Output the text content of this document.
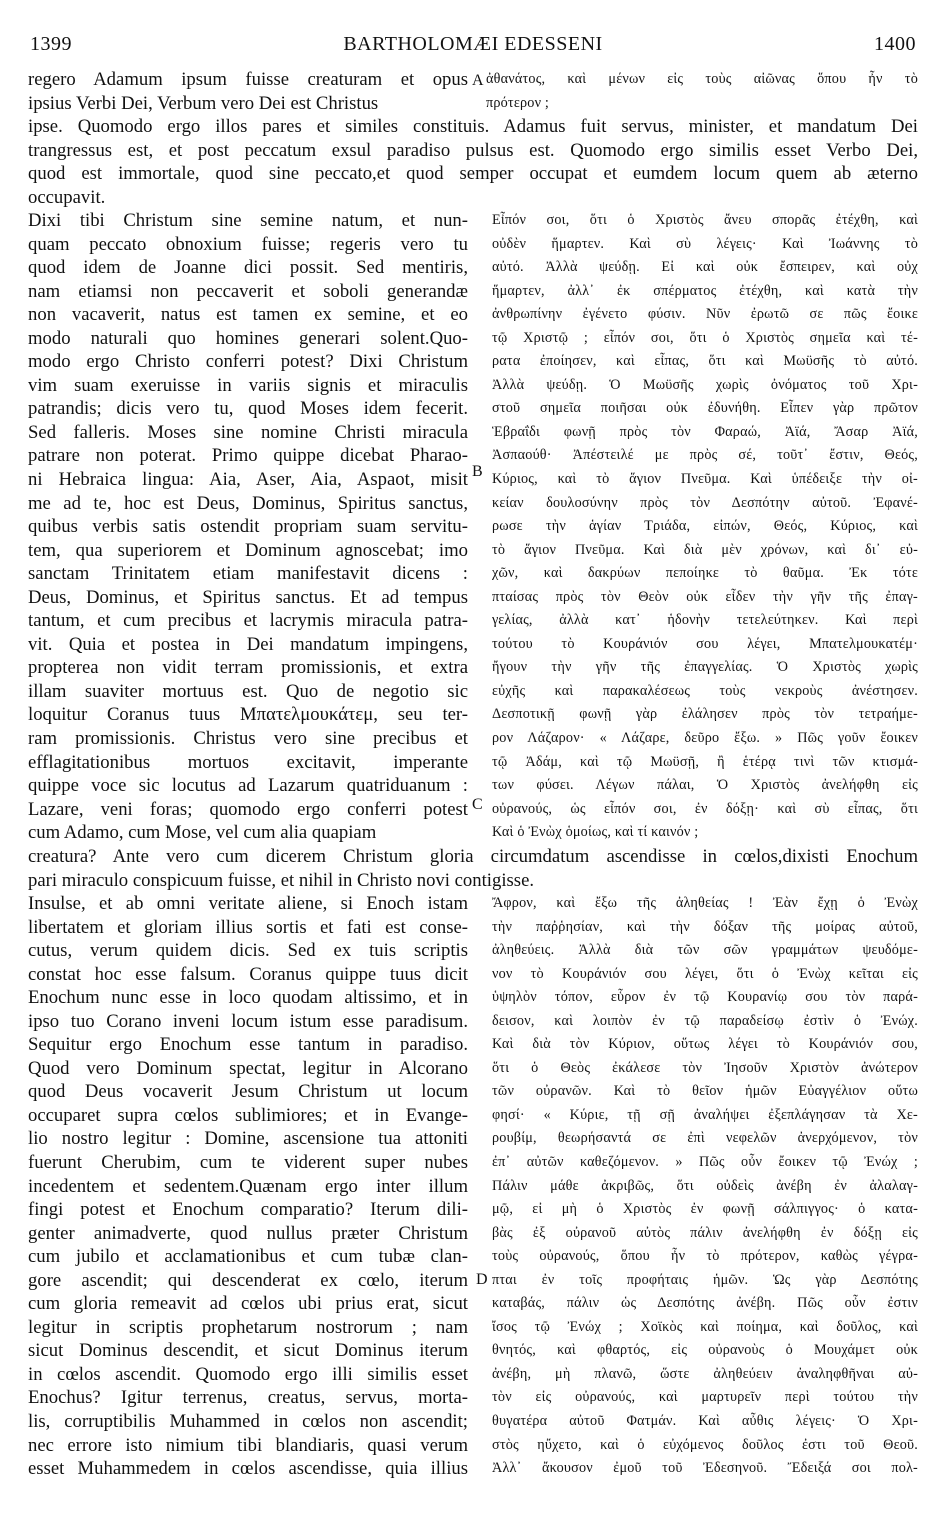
1399	BARTHOLOMÆI EDESSENI	1400
regero Adamum ipsum fuisse creaturam et opus
ipsius Verbi Dei, Verbum vero Dei est Christus
ἀθανάτος, καὶ μένων εἰς τοὺς αἰῶνας ὅπου ἦν τὸ
πρότερον ;
ipse. Quomodo ergo illos pares et similes constituis. Adamus fuit servus, minister, et mandatum Dei
trangressus est, et post peccatum exsul paradiso pulsus est. Quomodo ergo similis esset Verbo Dei,
quod est immortale, quod sine peccato,et quod semper occupat et eumdem locum quem ab æterno
occupavit.
Dixi tibi Christum sine semine natum, et nun-
quam peccato obnoxium fuisse; regeris vero tu
quod idem de Joanne dici possit. Sed mentiris,
nam etiamsi non peccaverit et soboli generandæ
non vacaverit, natus est tamen ex semine, et eo
modo naturali quo homines generari solent.Quo-
modo ergo Christo conferri potest? Dixi Christum
vim suam exeruisse in variis signis et miraculis
patrandis; dicis vero tu, quod Moses idem fecerit.
Sed falleris. Moses sine nomine Christi miracula
patrare non poterat. Primo quippe dicebat Pharao-
ni Hebraica lingua: Aia, Aser, Aia, Aspaot, misit
me ad te, hoc est Deus, Dominus, Spiritus sanctus,
quibus verbis satis ostendit propriam suam servitu-
tem, qua superiorem et Dominum agnoscebat; imo
sanctam Trinitatem etiam manifestavit dicens :
Deus, Dominus, et Spiritus sanctus. Et ad tempus
tantum, et cum precibus et lacrymis miracula patra-
vit. Quia et postea in Dei mandatum impingens,
propterea non vidit terram promissionis, et extra
illam suaviter mortuus est. Quo de negotio sic
loquitur Coranus tuus Μπατελμουκάτεμ, seu ter-
ram promissionis. Christus vero sine precibus et
efflagitationibus mortuos excitavit, imperante
quippe voce sic locutus ad Lazarum quatriduanum :
Lazare, veni foras; quomodo ergo conferri potest
cum Adamo, cum Mose, vel cum alia quapiam
Εἶπόν σοι, ὅτι ὁ Χριστὸς ἄνευ σπορᾶς ἐτέχθη, καὶ
οὐδὲν ἥμαρτεν. Καὶ σὺ λέγεις· Καὶ Ἰωάννης τὸ
αὐτό. Ἀλλὰ ψεύδῃ. Εἰ καὶ οὐκ ἔσπειρεν, καὶ οὐχ
ἥμαρτεν, ἀλλ᾽ ἐκ σπέρματος ἐτέχθη, καὶ κατὰ τὴν
ἀνθρωπίνην ἐγένετο φύσιν. Νῦν ἐρωτῶ σε πῶς ἔοικε
τῷ Χριστῷ ; εἶπόν σοι, ὅτι ὁ Χριστὸς σημεῖα καὶ τέ-
ρατα ἐποίησεν, καὶ εἶπας, ὅτι καὶ Μωϋσῆς τὸ αὐτό.
Ἀλλὰ ψεύδῃ. Ὁ Μωϋσῆς χωρὶς ὀνόματος τοῦ Χρι-
στοῦ σημεῖα ποιῆσαι οὐκ ἐδυνήθη. Εἶπεν γὰρ πρῶτον
Ἑβραΐδι φωνῇ πρὸς τὸν Φαραώ, Ἀϊά, Ἄσαρ Ἀϊά,
Ἀσπαούθ· Ἀπέστειλέ με πρὸς σέ, τοῦτ᾽ ἔστιν, Θεός,
Κύριος, καὶ τὸ ἅγιον Πνεῦμα. Καὶ ὑπέδειξε τὴν οἰ-
κείαν δουλοσύνην πρὸς τὸν Δεσπότην αὐτοῦ. Ἐφανέ-
ρωσε τὴν ἁγίαν Τριάδα, εἰπών, Θεός, Κύριος, καὶ
τὸ ἅγιον Πνεῦμα. Καὶ διὰ μὲν χρόνων, καὶ δι᾽ εὐ-
χῶν, καὶ δακρύων πεποίηκε τὸ θαῦμα. Ἐκ τότε
πταίσας πρὸς τὸν Θεὸν οὐκ εἶδεν τὴν γῆν τῆς ἐπαγ-
γελίας, ἀλλὰ κατ᾽ ἡδονὴν τετελεύτηκεν. Καὶ περὶ
τούτου τὸ Κουράνιόν σου λέγει, Μπατελμουκατέμ·
ἤγουν τὴν γῆν τῆς ἐπαγγελίας. Ὁ Χριστὸς χωρὶς
εὐχῆς καὶ παρακαλέσεως τοὺς νεκροὺς ἀνέστησεν.
Δεσποτικῇ φωνῇ γὰρ ἐλάλησεν πρὸς τὸν τετραήμε-
ρον Λάζαρον· « Λάζαρε, δεῦρο ἔξω. » Πῶς γοῦν ἔοικεν
τῷ Ἀδάμ, καὶ τῷ Μωϋσῇ, ἢ ἑτέρᾳ τινὶ τῶν κτισμά-
των φύσει. Λέγων πάλαι, Ὁ Χριστὸς ἀνελήφθη εἰς
οὐρανούς, ὡς εἶπόν σοι, ἐν δόξῃ· καὶ σὺ εἶπας, ὅτι
Καὶ ὁ Ἐνὼχ ὁμοίως, καὶ τί καινόν ;
creatura? Ante vero cum dicerem Christum gloria circumdatum ascendisse in cœlos,dixisti Enochum
pari miraculo conspicuum fuisse, et nihil in Christo novi contigisse.
Insulse, et ab omni veritate aliene, si Enoch istam
libertatem et gloriam illius sortis et fati est conse-
cutus, verum quidem dicis. Sed ex tuis scriptis
constat hoc esse falsum. Coranus quippe tuus dicit
Enochum nunc esse in loco quodam altissimo, et in
ipso tuo Corano inveni locum istum esse paradisum.
Sequitur ergo Enochum esse tantum in paradiso.
Quod vero Dominum spectat, legitur in Alcorano
quod Deus vocaverit Jesum Christum ut locum
occuparet supra cœlos sublimiores; et in Evange-
lio nostro legitur : Domine, ascensione tua attoniti
fuerunt Cherubim, cum te viderent super nubes
incedentem et sedentem.Quænam ergo inter illum
fingi potest et Enochum comparatio? Iterum dili-
genter animadverte, quod nullus præter Christum
cum jubilo et acclamationibus et cum tubæ clan-
gore ascendit; qui descenderat ex cœlo, iterum
cum gloria remeavit ad cœlos ubi prius erat, sicut
legitur in scriptis prophetarum nostrorum ; nam
sicut Dominus descendit, et sicut Dominus iterum
in cœlos ascendit. Quomodo ergo illi similis esset
Enochus? Igitur terrenus, creatus, servus, morta-
lis, corruptibilis Muhammed in cœlos non ascendit;
nec errore isto nimium tibi blandiaris, quasi verum
esset Muhammedem in cœlos ascendisse, quia illius
Ἄφρον, καὶ ἔξω τῆς ἀληθείας ! Ἐὰν ἔχῃ ὁ Ἐνὼχ
τὴν παῤῥησίαν, καὶ τὴν δόξαν τῆς μοίρας αὐτοῦ,
ἀληθεύεις. Ἀλλὰ διὰ τῶν σῶν γραμμάτων ψευδόμε-
νον τὸ Κουράνιόν σου λέγει, ὅτι ὁ Ἐνὼχ κεῖται εἰς
ὑψηλὸν τόπον, εὗρον ἐν τῷ Κουρανίῳ σου τὸν παρά-
δεισον, καὶ λοιπὸν ἐν τῷ παραδείσῳ ἐστὶν ὁ Ἐνώχ.
Καὶ διὰ τὸν Κύριον, οὕτως λέγει τὸ Κουράνιόν σου,
ὅτι ὁ Θεὸς ἐκάλεσε τὸν Ἰησοῦν Χριστὸν ἀνώτερον
τῶν οὐρανῶν. Καὶ τὸ θεῖον ἡμῶν Εὐαγγέλιον οὕτω
φησί· « Κύριε, τῇ σῇ ἀναλήψει ἐξεπλάγησαν τὰ Χε-
ρουβίμ, θεωρήσαντά σε ἐπὶ νεφελῶν ἀνερχόμενον, τὸν
ἐπ᾽ αὐτῶν καθεζόμενον. » Πῶς οὖν ἔοικεν τῷ Ἐνώχ ;
Πάλιν μάθε ἀκριβῶς, ὅτι οὐδεὶς ἀνέβη ἐν ἀλαλαγ-
μῷ, εἰ μὴ ὁ Χριστὸς ἐν φωνῇ σάλπιγγος· ὁ κατα-
βὰς ἐξ οὐρανοῦ αὐτὸς πάλιν ἀνελήφθη ἐν δόξῃ εἰς
τοὺς οὐρανούς, ὅπου ἦν τὸ πρότερον, καθὼς γέγρα-
πται ἐν τοῖς προφήταις ἡμῶν. Ὡς γὰρ Δεσπότης
καταβάς, πάλιν ὡς Δεσπότης ἀνέβη. Πῶς οὖν ἐστιν
ἴσος τῷ Ἐνώχ ; Χοϊκὸς καὶ ποίημα, καὶ δοῦλος, καὶ
θνητός, καὶ φθαρτός, εἰς οὐρανοὺς ὁ Μουχάμετ οὐκ
ἀνέβη, μὴ πλανῶ, ὥστε ἀληθεύειν ἀναληφθῆναι αὐ-
τὸν εἰς οὐρανούς, καὶ μαρτυρεῖν περὶ τούτου τὴν
θυγατέρα αὐτοῦ Φατμάν. Καὶ αὖθις λέγεις· Ὁ Χρι-
στὸς ηὔχετο, καὶ ὁ εὐχόμενος δοῦλος ἐστι τοῦ Θεοῦ.
Ἀλλ᾽ ἄκουσον ἐμοῦ τοῦ Ἐδεσηνοῦ. Ἔδειξά σοι πολ-
A
B
C
D
